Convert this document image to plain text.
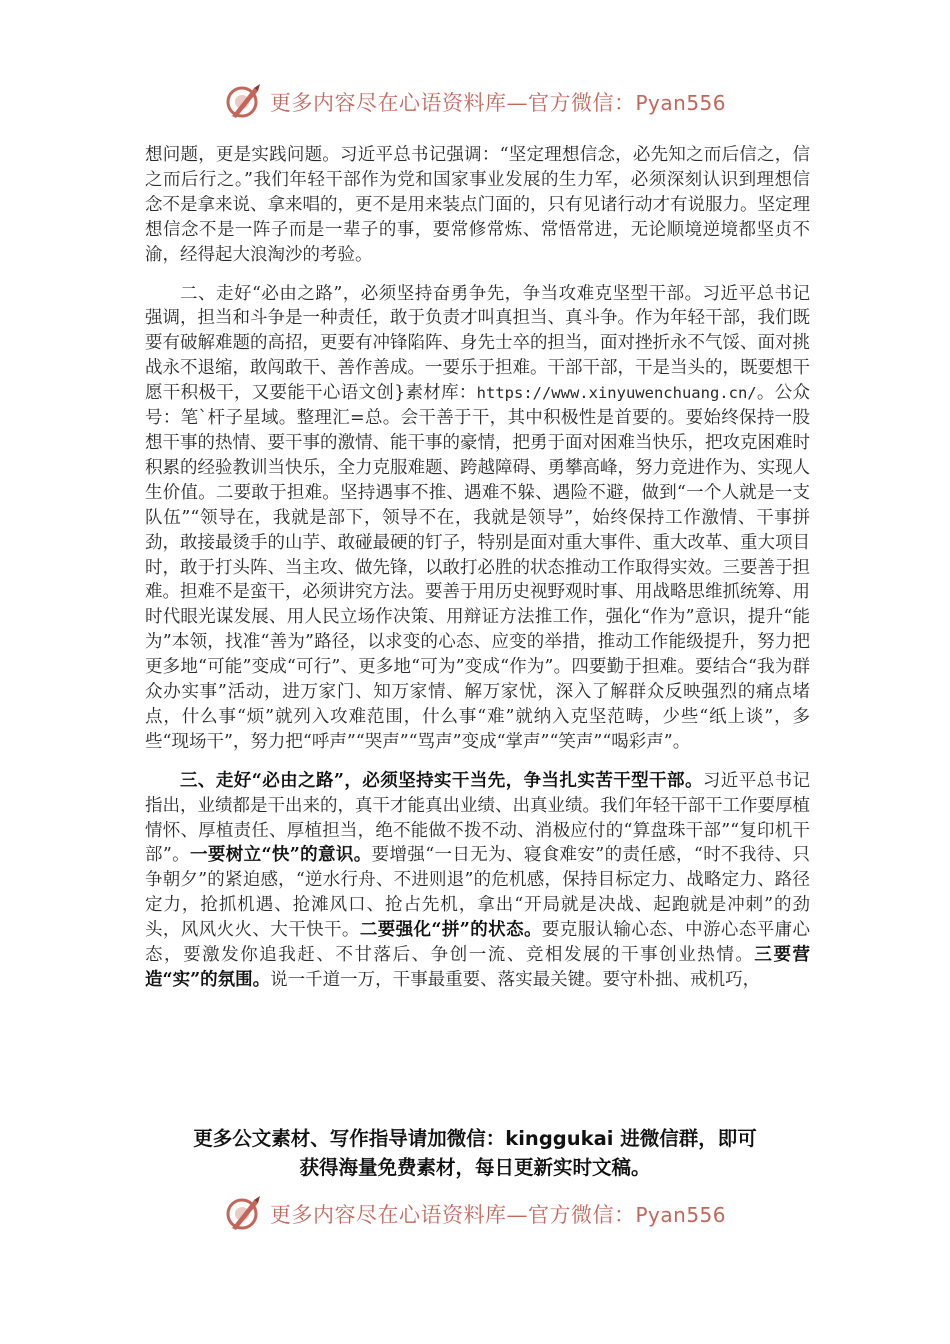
更多内容尽在心语资料库—官方微信：Pyan556

想问题，更是实践问题。习近平总书记强调：“坚定理想信念，必先知之而后信之，信之而后行之。”我们年轻干部作为党和国家事业发展的生力军，必须深刻认识到理想信念不是拿来说、拿来唱的，更不是用来装点门面的，只有见诸行动才有说服力。坚定理想信念不是一阵子而是一辈子的事，要常修常炼、常悟常进，无论顺境逆境都坚贞不渝，经得起大浪淘沙的考验。

二、走好“必由之路”，必须坚持奋勇争先，争当攻难克坚型干部。习近平总书记强调，担当和斗争是一种责任，敢于负责才叫真担当、真斗争。作为年轻干部，我们既要有破解难题的高招，更要有冲锋陷阵、身先士卒的担当，面对挫折永不气馁、面对挑战永不退缩，敢闯敢干、善作善成。一要乐于担难。干部干部，干是当头的，既要想干愿干积极干，又要能干心语文创}素材库：https://www.xinyuwenchuang.cn/。公众号：笔`杆子星域。整理汇=总。会干善于干，其中积极性是首要的。要始终保持一股想干事的热情、要干事的激情、能干事的豪情，把勇于面对困难当快乐，把攻克困难时积累的经验教训当快乐，全力克服难题、跨越障碍、勇攀高峰，努力竞进作为、实现人生价值。二要敢于担难。坚持遇事不推、遇难不躲、遇险不避，做到“一个人就是一支队伍”“领导在，我就是部下，领导不在，我就是领导”，始终保持工作激情、干事拼劲，敢接最烫手的山芋、敢碰最硬的钉子，特别是面对重大事件、重大改革、重大项目时，敢于打头阵、当主攻、做先锋，以敢打必胜的状态推动工作取得实效。三要善于担难。担难不是蛮干，必须讲究方法。要善于用历史视野观时事、用战略思维抓统筹、用时代眼光谋发展、用人民立场作决策、用辩证方法推工作，强化“作为”意识，提升“能为”本领，找准“善为”路径，以求变的心态、应变的举措，推动工作能级提升，努力把更多地“可能”变成“可行”、更多地“可为”变成“作为”。四要勤于担难。要结合“我为群众办实事”活动，进万家门、知万家情、解万家忧，深入了解群众反映强烈的痛点堵点，什么事“烦”就列入攻难范围，什么事“难”就纳入克坚范畴，少些“纸上谈”，多些“现场干”，努力把“呼声”“哭声”“骂声”变成“掌声”“笑声”“喝彩声”。

三、走好“必由之路”，必须坚持实干当先，争当扎实苦干型干部。习近平总书记指出，业绩都是干出来的，真干才能真出业绩、出真业绩。我们年轻干部干工作要厚植情怀、厚植责任、厚植担当，绝不能做不拨不动、消极应付的“算盘珠干部”“复印机干部”。一要树立“快”的意识。要增强“一日无为、寝食难安”的责任感，“时不我待、只争朝夕”的紧迫感，“逆水行舟、不进则退”的危机感，保持目标定力、战略定力、路径定力，抢抓机遇、抢滩风口、抢占先机，拿出“开局就是决战、起跑就是冲刺”的劲头，风风火火、大干快干。二要强化“拼”的状态。要克服认输心态、中游心态平庸心态，要激发你追我赶、不甘落后、争创一流、竞相发展的干事创业热情。三要营造“实”的氛围。说一千道一万，干事最重要、落实最关键。要守朴拙、戒机巧，

更多公文素材、写作指导请加微信：kinggukai 进微信群，即可
获得海量免费素材，每日更新实时文稿。
更多内容尽在心语资料库—官方微信：Pyan556
